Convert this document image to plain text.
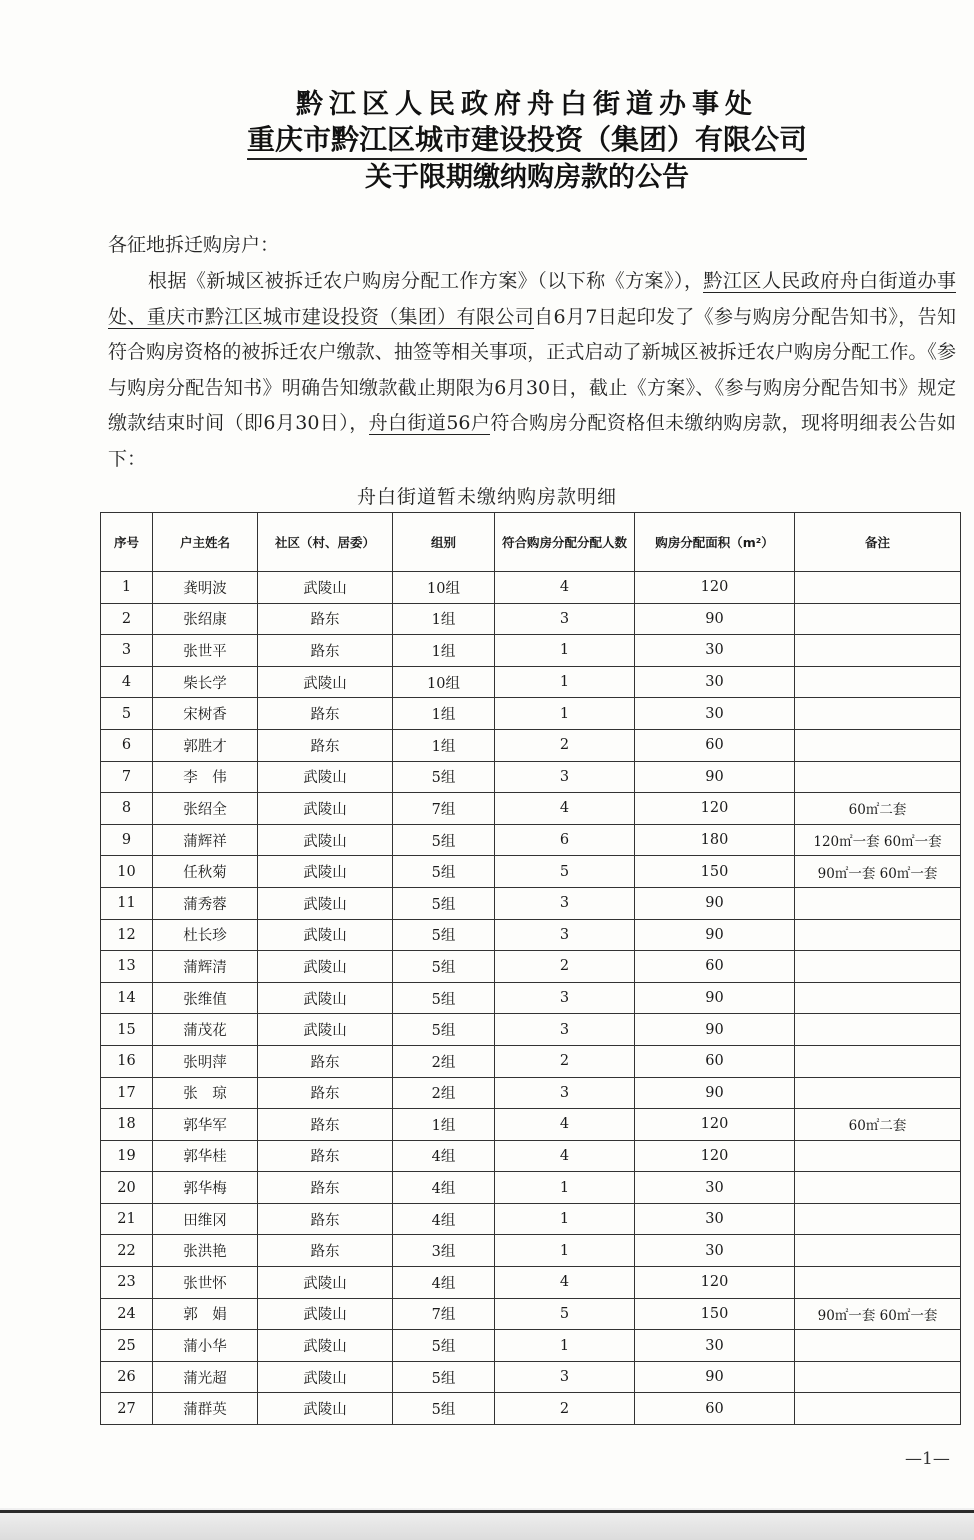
黔江区人民政府舟白街道办事处
重庆市黔江区城市建设投资（集团）有限公司
关于限期缴纳购房款的公告
各征地拆迁购房户：
根据《新城区被拆迁农户购房分配工作方案》（以下称《方案》），黔江区人民政府舟白街道办事处、重庆市黔江区城市建设投资（集团）有限公司自6月7日起印发了《参与购房分配告知书》，告知符合购房资格的被拆迁农户缴款、抽签等相关事项，正式启动了新城区被拆迁农户购房分配工作。《参与购房分配告知书》明确告知缴款截止期限为6月30日，截止《方案》、《参与购房分配告知书》规定缴款结束时间（即6月30日），舟白街道56户符合购房分配资格但未缴纳购房款，现将明细表公告如下：
舟白街道暂未缴纳购房款明细
序号	户主姓名	社区（村、居委）	组别	符合购房分配分配人数	购房分配面积（m²）	备注
1	龚明波	武陵山	10组	4	120	
2	张绍康	路东	1组	3	90	
3	张世平	路东	1组	1	30	
4	柴长学	武陵山	10组	1	30	
5	宋树香	路东	1组	1	30	
6	郭胜才	路东	1组	2	60	
7	李　伟	武陵山	5组	3	90	
8	张绍全	武陵山	7组	4	120	60㎡二套
9	蒲辉祥	武陵山	5组	6	180	120㎡一套 60㎡一套
10	任秋菊	武陵山	5组	5	150	90㎡一套 60㎡一套
11	蒲秀蓉	武陵山	5组	3	90	
12	杜长珍	武陵山	5组	3	90	
13	蒲辉清	武陵山	5组	2	60	
14	张维值	武陵山	5组	3	90	
15	蒲茂花	武陵山	5组	3	90	
16	张明萍	路东	2组	2	60	
17	张　琼	路东	2组	3	90	
18	郭华军	路东	1组	4	120	60㎡二套
19	郭华桂	路东	4组	4	120	
20	郭华梅	路东	4组	1	30	
21	田维冈	路东	4组	1	30	
22	张洪艳	路东	3组	1	30	
23	张世怀	武陵山	4组	4	120	
24	郭　娟	武陵山	7组	5	150	90㎡一套 60㎡一套
25	蒲小华	武陵山	5组	1	30	
26	蒲光超	武陵山	5组	3	90	
27	蒲群英	武陵山	5组	2	60	
—1—
